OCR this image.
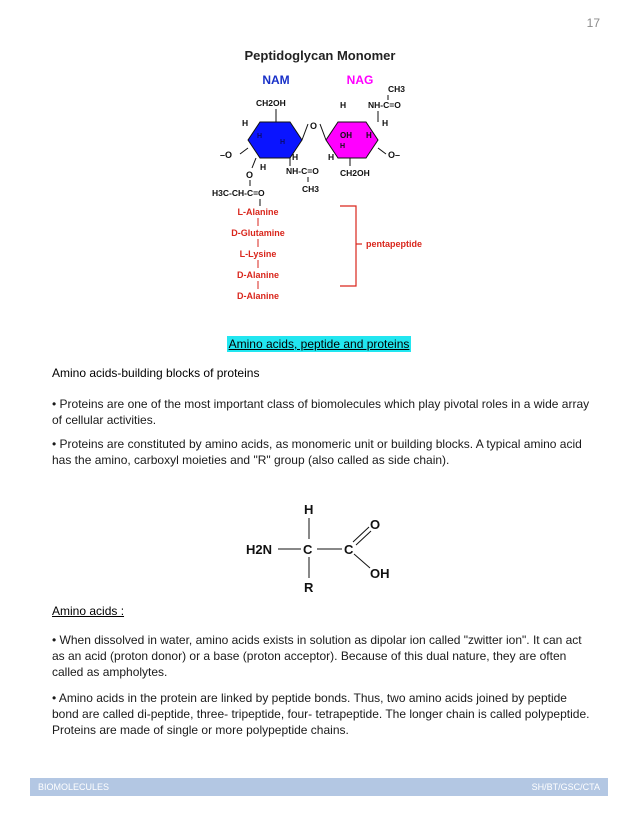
17
Peptidoglycan Monomer
NAM	NAG
CH2OH	H	NH-C=O
CH3
O
H	H
H
H
OH
H
H
–O	O–
H
H	H
O	NH-C=O
CH3
CH2OH
H3C-CH-C=O
L-Alanine
D-Glutamine
L-Lysine
D-Alanine
D-Alanine
pentapeptide
Amino acids, peptide and proteins
Amino acids-building blocks of proteins
• Proteins are one of the most important class of biomolecules which play pivotal roles in a wide array of cellular activities.
• Proteins are constituted by amino acids, as monomeric unit or building blocks. A typical amino acid has the amino, carboxyl moieties and "R" group (also called as side chain).
H
H2N C C
O
OH
R
Amino acids :
• When dissolved in water, amino acids exists in solution as dipolar ion called "zwitter ion". It can act as an acid (proton donor) or a base (proton acceptor). Because of this dual nature, they are often called as ampholytes.
• Amino acids in the protein are linked by peptide bonds. Thus, two amino acids joined by peptide bond are called di-peptide, three- tripeptide, four- tetrapeptide. The longer chain is called polypeptide. Proteins are made of single or more polypeptide chains.
BIOMOLECULES	SH/BT/GSC/CTA
